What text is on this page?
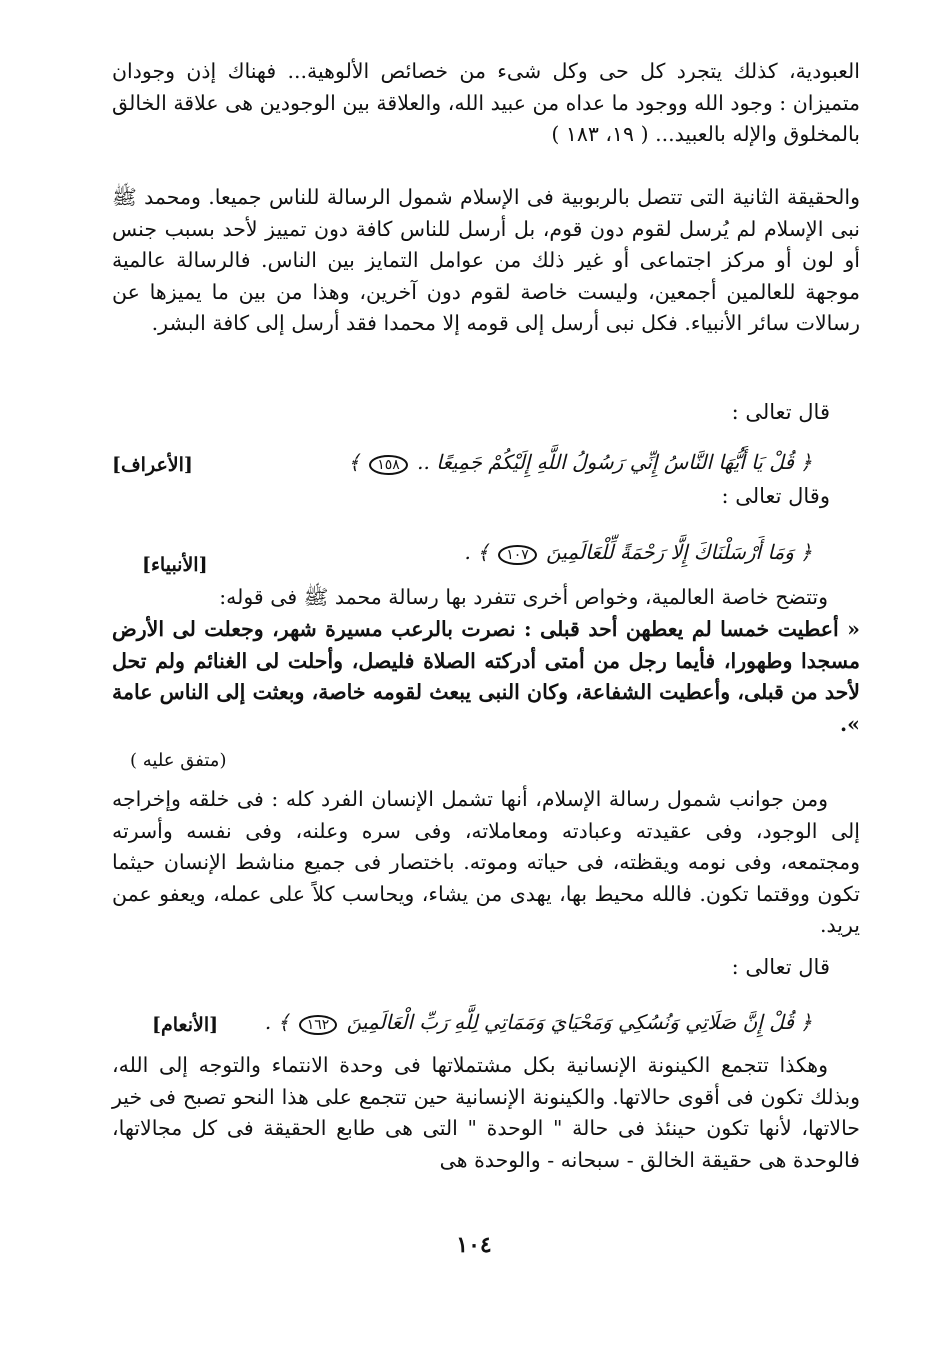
العبودية، كذلك يتجرد كل حى وكل شىء من خصائص الألوهية... فهناك إذن وجودان متميزان : وجود الله ووجود ما عداه من عبيد الله، والعلاقة بين الوجودين هى علاقة الخالق بالمخلوق والإله بالعبيد... ( ١٩، ١٨٣ )

والحقيقة الثانية التى تتصل بالربوبية فى الإسلام شمول الرسالة للناس جميعا. ومحمد ﷺ نبى الإسلام لم يُرسل لقوم دون قوم، بل أرسل للناس كافة دون تمييز لأحد بسبب جنس أو لون أو مركز اجتماعى أو غير ذلك من عوامل التمايز بين الناس. فالرسالة عالمية موجهة للعالمين أجمعين، وليست خاصة لقوم دون آخرين، وهذا من بين ما يميزها عن رسالات سائر الأنبياء. فكل نبى أرسل إلى قومه إلا محمدا فقد أرسل إلى كافة البشر.

قال تعالى :
﴿ قُلْ يَا أَيُّهَا النَّاسُ إِنِّي رَسُولُ اللَّهِ إِلَيْكُمْ جَمِيعًا .. ١٥٨ ﴾
[الأعراف]
وقال تعالى :
﴿ وَمَا أَرْسَلْنَاكَ إِلَّا رَحْمَةً لِّلْعَالَمِينَ ١٠٧ ﴾ .
[الأنبياء]

وتتضح خاصة العالمية، وخواص أخرى تتفرد بها رسالة محمد ﷺ فى قوله:

« أعطيت خمسا لم يعطهن أحد قبلى : نصرت بالرعب مسيرة شهر، وجعلت لى الأرض مسجدا وطهورا، فأيما رجل من أمتى أدركته الصلاة فليصل، وأحلت لى الغنائم ولم تحل لأحد من قبلى، وأعطيت الشفاعة، وكان النبى يبعث لقومه خاصة، وبعثت إلى الناس عامة ».

(متفق عليه )

ومن جوانب شمول رسالة الإسلام، أنها تشمل الإنسان الفرد كله : فى خلقه وإخراجه إلى الوجود، وفى عقيدته وعبادته ومعاملاته، وفى سره وعلنه، وفى نفسه وأسرته ومجتمعه، وفى نومه ويقظته، فى حياته وموته. باختصار فى جميع مناشط الإنسان حيثما تكون ووقتما تكون. فالله محيط بها، يهدى من يشاء، ويحاسب كلاً على عمله، ويعفو عمن يريد.

قال تعالى :
﴿ قُلْ إِنَّ صَلَاتِي وَنُسُكِي وَمَحْيَايَ وَمَمَاتِي لِلَّهِ رَبِّ الْعَالَمِينَ ١٦٢ ﴾ .
[الأنعام]

وهكذا تتجمع الكينونة الإنسانية بكل مشتملاتها فى وحدة الانتماء والتوجه إلى الله، وبذلك تكون فى أقوى حالاتها. والكينونة الإنسانية حين تتجمع على هذا النحو تصبح فى خير حالاتها، لأنها تكون حينئذ فى حالة " الوحدة " التى هى طابع الحقيقة فى كل مجالاتها، فالوحدة هى حقيقة الخالق - سبحانه - والوحدة هى

١٠٤
